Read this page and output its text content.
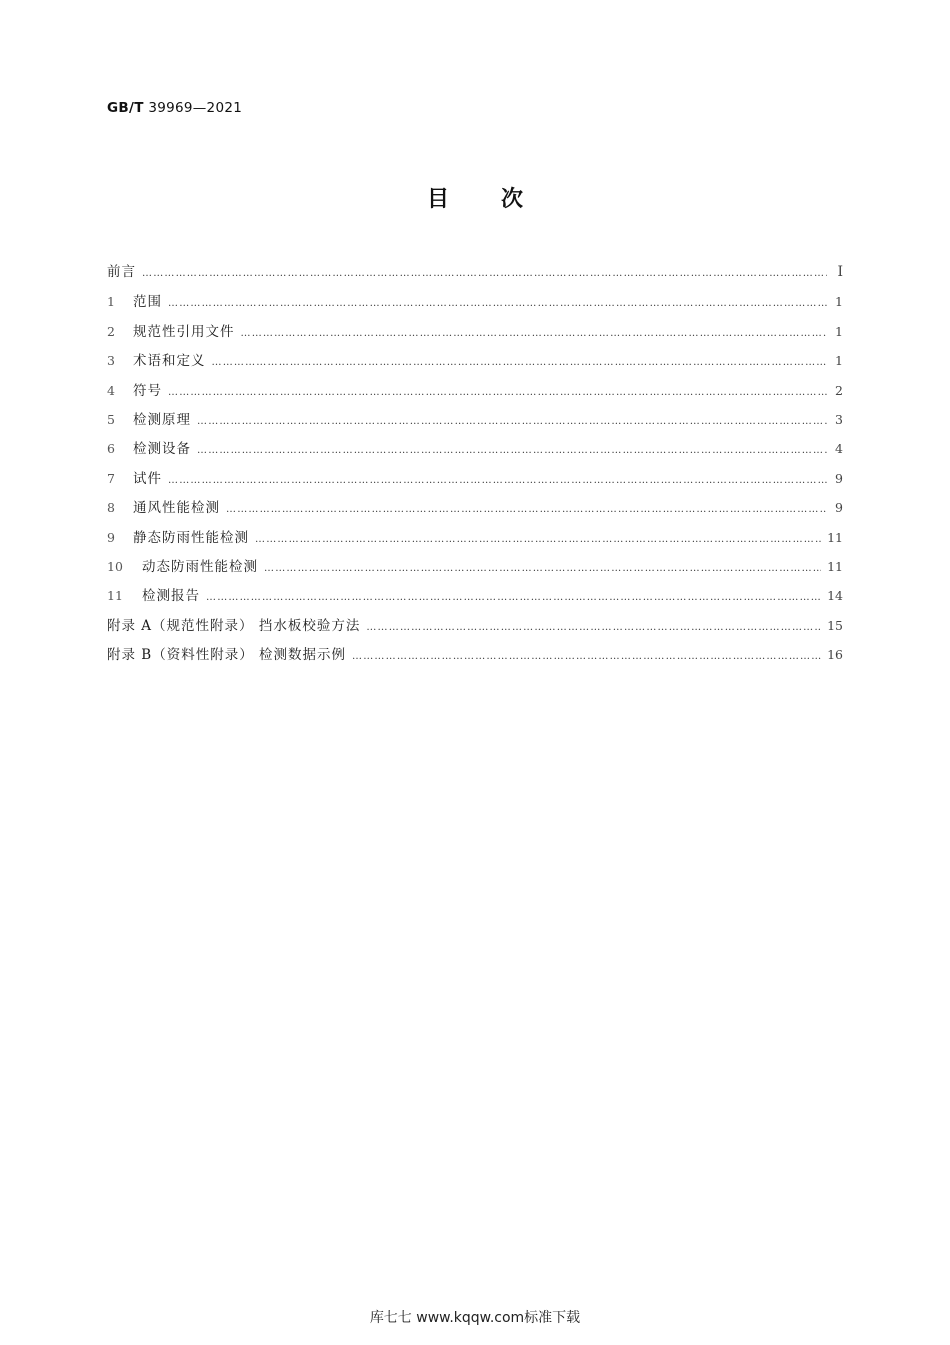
GB/T 39969—2021
目 次
前言 ……………………………………………………………………………………………………………………………………………………………………………………………………………………	Ⅰ
1	范围 ……………………………………………………………………………………………………………………………………………………………………………………………………………………	1
2	规范性引用文件 ……………………………………………………………………………………………………………………………………………………………………………………………………………………	1
3	术语和定义 ……………………………………………………………………………………………………………………………………………………………………………………………………………………	1
4	符号 ……………………………………………………………………………………………………………………………………………………………………………………………………………………	2
5	检测原理 ……………………………………………………………………………………………………………………………………………………………………………………………………………………	3
6	检测设备 ……………………………………………………………………………………………………………………………………………………………………………………………………………………	4
7	试件 ……………………………………………………………………………………………………………………………………………………………………………………………………………………	9
8	通风性能检测 ……………………………………………………………………………………………………………………………………………………………………………………………………………………	9
9	静态防雨性能检测 ……………………………………………………………………………………………………………………………………………………………………………………………………………………	11
10	动态防雨性能检测 ……………………………………………………………………………………………………………………………………………………………………………………………………………………	11
11	检测报告 ……………………………………………………………………………………………………………………………………………………………………………………………………………………	14
附录 A（规范性附录） 挡水板校验方法 ……………………………………………………………………………………………………………………………………………………………………………………………………………………	15
附录 B（资料性附录） 检测数据示例 ……………………………………………………………………………………………………………………………………………………………………………………………………………………	16
库七七 www.kqqw.com标准下载
